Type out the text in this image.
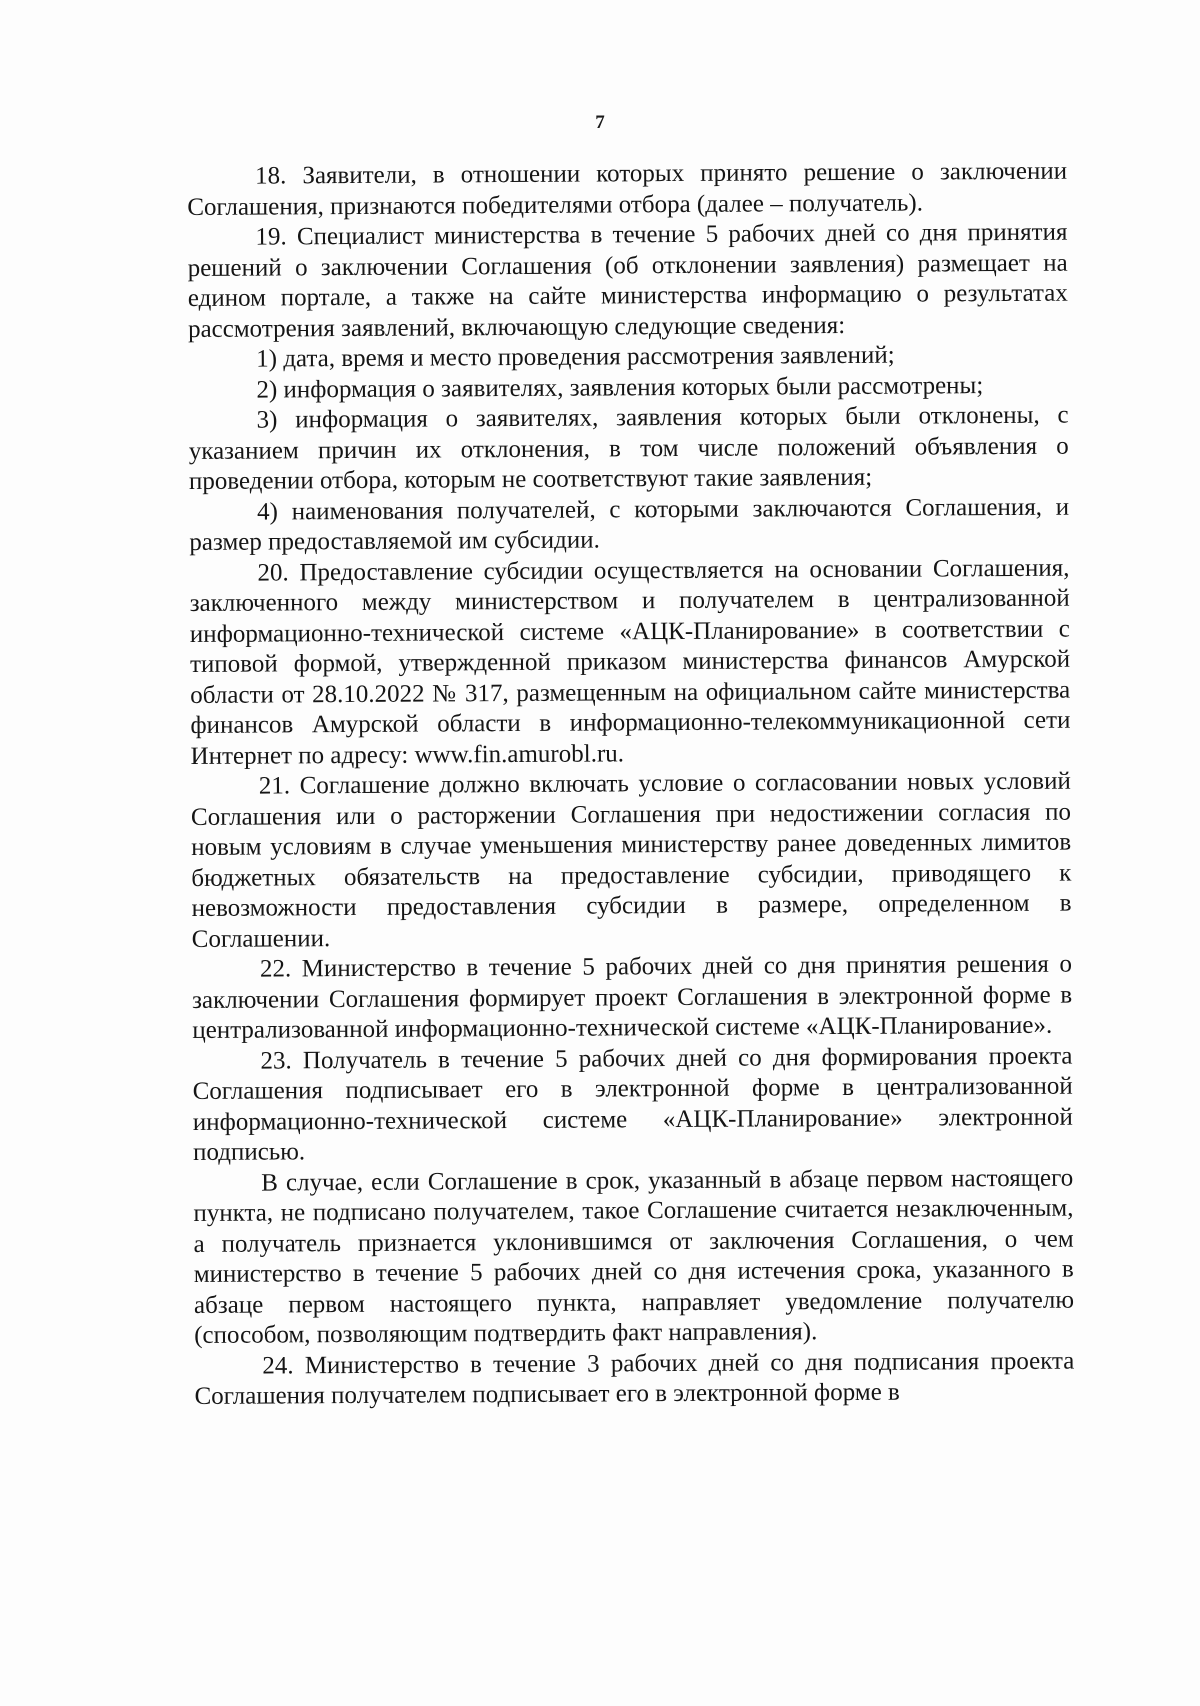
7

18. Заявители, в отношении которых принято решение о заключении Соглашения, признаются победителями отбора (далее – получатель).

19. Специалист министерства в течение 5 рабочих дней со дня принятия решений о заключении Соглашения (об отклонении заявления) размещает на едином портале, а также на сайте министерства информацию о результатах рассмотрения заявлений, включающую следующие сведения:

1) дата, время и место проведения рассмотрения заявлений;

2) информация о заявителях, заявления которых были рассмотрены;

3) информация о заявителях, заявления которых были отклонены, с указанием причин их отклонения, в том числе положений объявления о проведении отбора, которым не соответствуют такие заявления;

4) наименования получателей, с которыми заключаются Соглашения, и размер предоставляемой им субсидии.

20. Предоставление субсидии осуществляется на основании Соглашения, заключенного между министерством и получателем в централизованной информационно-технической системе «АЦК-Планирование» в соответствии с типовой формой, утвержденной приказом министерства финансов Амурской области от 28.10.2022 № 317, размещенным на официальном сайте министерства финансов Амурской области в информационно-телекоммуникационной сети Интернет по адресу: www.fin.amurobl.ru.

21. Соглашение должно включать условие о согласовании новых условий Соглашения или о расторжении Соглашения при недостижении согласия по новым условиям в случае уменьшения министерству ранее доведенных лимитов бюджетных обязательств на предоставление субсидии, приводящего к невозможности предоставления субсидии в размере, определенном в Соглашении.

22. Министерство в течение 5 рабочих дней со дня принятия решения о заключении Соглашения формирует проект Соглашения в электронной форме в централизованной информационно-технической системе «АЦК-Планирование».

23. Получатель в течение 5 рабочих дней со дня формирования проекта Соглашения подписывает его в электронной форме в централизованной информационно-технической системе «АЦК-Планирование» электронной подписью.

В случае, если Соглашение в срок, указанный в абзаце первом настоящего пункта, не подписано получателем, такое Соглашение считается незаключенным, а получатель признается уклонившимся от заключения Соглашения, о чем министерство в течение 5 рабочих дней со дня истечения срока, указанного в абзаце первом настоящего пункта, направляет уведомление получателю (способом, позволяющим подтвердить факт направления).

24. Министерство в течение 3 рабочих дней со дня подписания проекта Соглашения получателем подписывает его в электронной форме в
